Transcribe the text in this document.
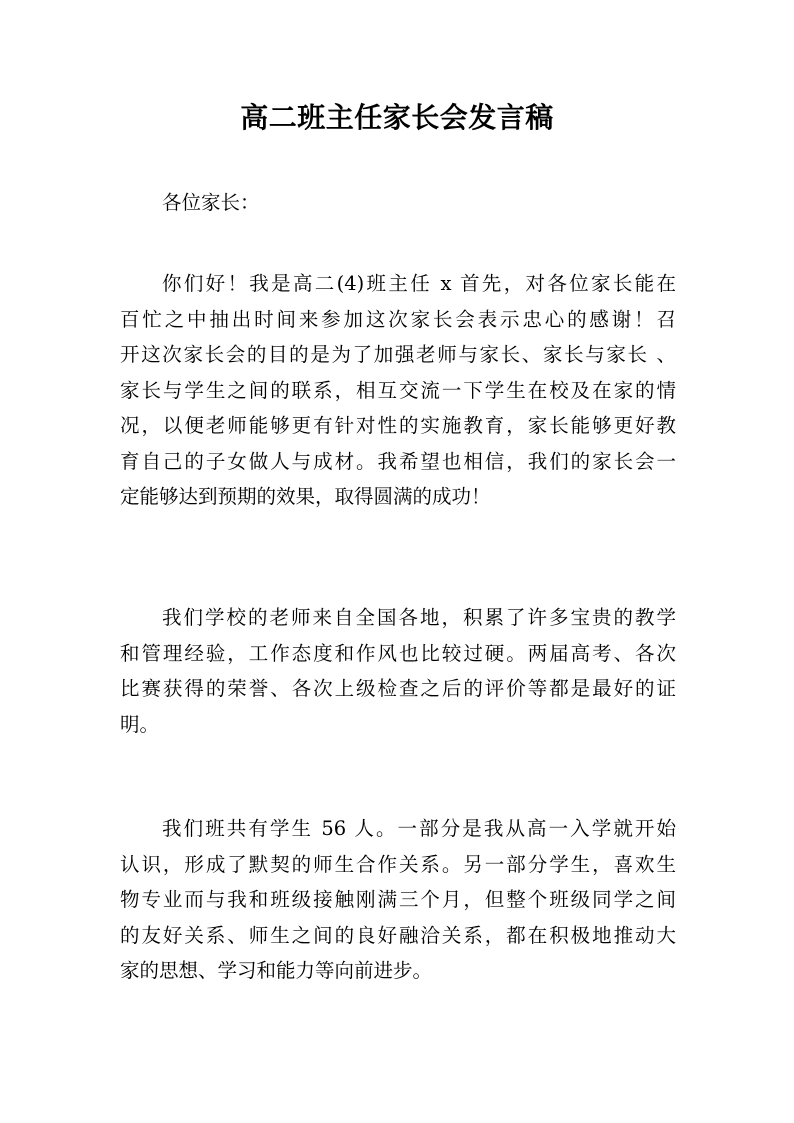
高二班主任家长会发言稿

各位家长：

你们好！我是高二(4)班主任 x 首先，对各位家长能在
百忙之中抽出时间来参加这次家长会表示忠心的感谢！召
开这次家长会的目的是为了加强老师与家长、家长与家长 、
家长与学生之间的联系，相互交流一下学生在校及在家的情
况，以便老师能够更有针对性的实施教育，家长能够更好教
育自己的子女做人与成材。我希望也相信，我们的家长会一
定能够达到预期的效果，取得圆满的成功！

我们学校的老师来自全国各地，积累了许多宝贵的教学
和管理经验，工作态度和作风也比较过硬。两届高考、各次
比赛获得的荣誉、各次上级检查之后的评价等都是最好的证
明。

我们班共有学生 56 人。一部分是我从高一入学就开始
认识，形成了默契的师生合作关系。另一部分学生，喜欢生
物专业而与我和班级接触刚满三个月，但整个班级同学之间
的友好关系、师生之间的良好融洽关系，都在积极地推动大
家的思想、学习和能力等向前进步。
